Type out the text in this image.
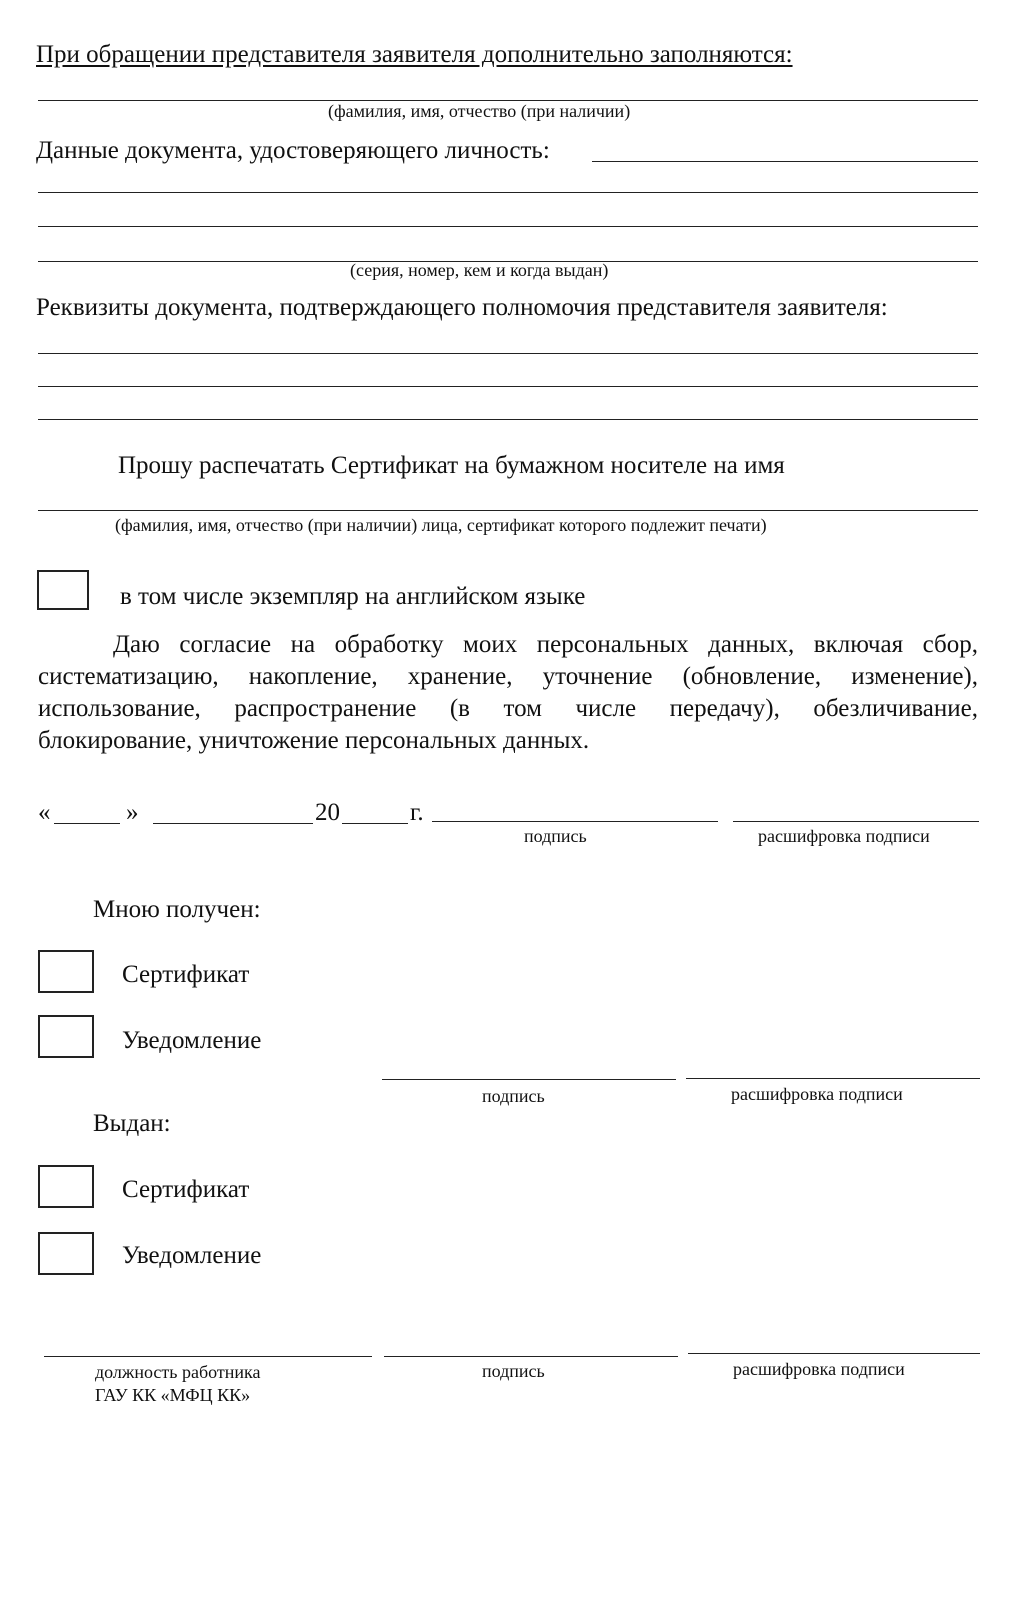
При обращении представителя заявителя дополнительно заполняются:
(фамилия, имя, отчество (при наличии)
Данные документа, удостоверяющего личность:
(серия, номер, кем и когда выдан)
Реквизиты документа, подтверждающего полномочия представителя заявителя:
Прошу распечатать Сертификат на бумажном носителе на имя
(фамилия, имя, отчество (при наличии) лица, сертификат которого подлежит печати)
в том числе экземпляр на английском языке
Даю согласие на обработку моих персональных данных, включая сбор,
систематизацию, накопление, хранение, уточнение (обновление, изменение),
использование, распространение (в том числе передачу), обезличивание,
блокирование, уничтожение персональных данных.
«	»	20	г.
подпись	расшифровка подписи
Мною получен:
Сертификат
Уведомление
подпись	расшифровка подписи
Выдан:
Сертификат
Уведомление
должность работника
ГАУ КК «МФЦ КК»
подпись	расшифровка подписи
